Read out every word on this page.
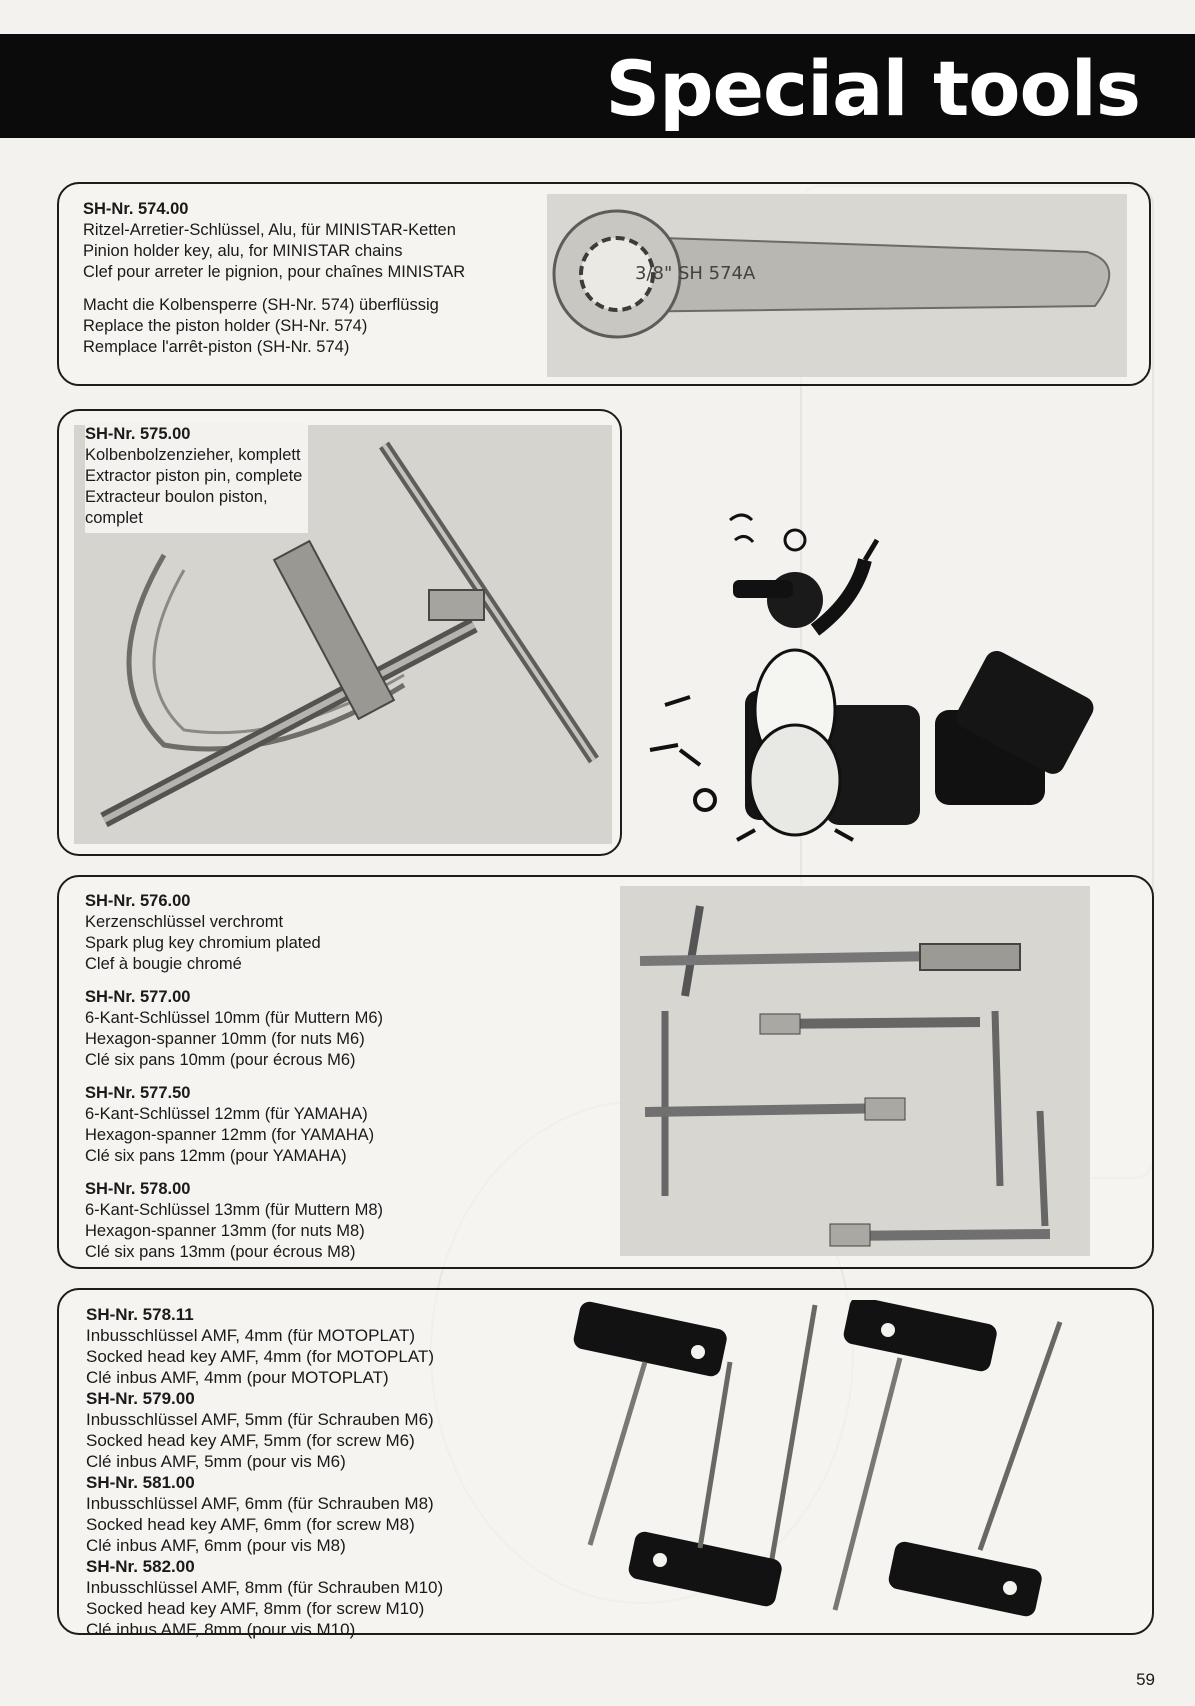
Special tools
SH-Nr. 574.00
Ritzel-Arretier-Schlüssel, Alu, für MINISTAR-Ketten
Pinion holder key, alu, for MINISTAR chains
Clef pour arreter le pignion, pour chaînes MINISTAR
Macht die Kolbensperre (SH-Nr. 574) überflüssig
Replace the piston holder (SH-Nr. 574)
Remplace l'arrêt-piston (SH-Nr. 574)
3/8" SH 574A
SH-Nr. 575.00
Kolbenbolzenzieher, komplett
Extractor piston pin, complete
Extracteur boulon piston,
complet
SH-Nr. 576.00
Kerzenschlüssel verchromt
Spark plug key chromium plated
Clef à bougie chromé
SH-Nr. 577.00
6-Kant-Schlüssel 10mm (für Muttern M6)
Hexagon-spanner 10mm (for nuts M6)
Clé six pans 10mm (pour écrous M6)
SH-Nr. 577.50
6-Kant-Schlüssel 12mm (für YAMAHA)
Hexagon-spanner 12mm (for YAMAHA)
Clé six pans 12mm (pour YAMAHA)
SH-Nr. 578.00
6-Kant-Schlüssel 13mm (für Muttern M8)
Hexagon-spanner 13mm (for nuts M8)
Clé six pans 13mm (pour écrous M8)
SH-Nr. 578.11
Inbusschlüssel AMF, 4mm (für MOTOPLAT)
Socked head key AMF, 4mm (for MOTOPLAT)
Clé inbus AMF, 4mm (pour MOTOPLAT)
SH-Nr. 579.00
Inbusschlüssel AMF, 5mm (für Schrauben M6)
Socked head key AMF, 5mm (for screw M6)
Clé inbus AMF, 5mm (pour vis M6)
SH-Nr. 581.00
Inbusschlüssel AMF, 6mm (für Schrauben M8)
Socked head key AMF, 6mm (for screw M8)
Clé inbus AMF, 6mm (pour vis M8)
SH-Nr. 582.00
Inbusschlüssel AMF, 8mm (für Schrauben M10)
Socked head key AMF, 8mm (for screw M10)
Clé inbus AMF, 8mm (pour vis M10)
59
